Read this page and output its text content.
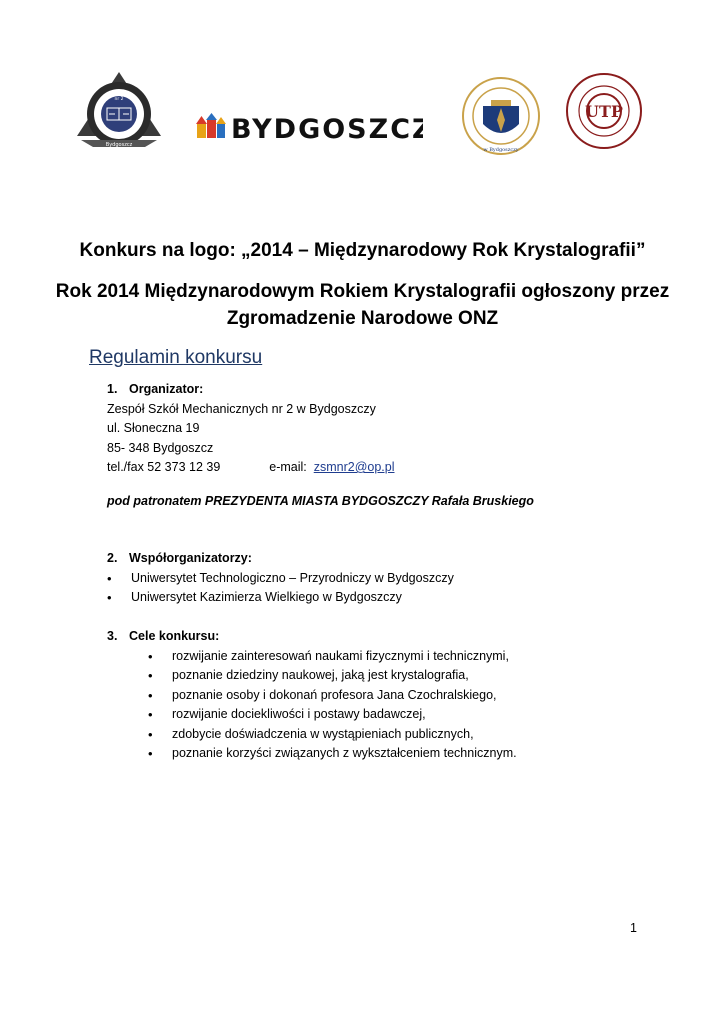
Bydgoszcz
nr 2
BYDGOSZCZ
w Bydgoszczy
UTP
Konkurs na logo: „2014 – Międzynarodowy Rok Krystalografii”
Rok 2014 Międzynarodowym Rokiem Krystalografii ogłoszony przez
Zgromadzenie Narodowe ONZ
Regulamin konkursu
1. Organizator:
Zespół Szkół Mechanicznych nr 2 w Bydgoszczy
ul. Słoneczna 19
85- 348 Bydgoszcz
tel./fax 52 373 12 39	e-mail: zsmnr2@op.pl
pod patronatem PREZYDENTA MIASTA BYDGOSZCZY Rafała Bruskiego
2. Współorganizatorzy:
• Uniwersytet Technologiczno – Przyrodniczy w Bydgoszczy
• Uniwersytet Kazimierza Wielkiego w Bydgoszczy
3. Cele konkursu:
• rozwijanie zainteresowań naukami fizycznymi i technicznymi,
• poznanie dziedziny naukowej, jaką jest krystalografia,
• poznanie osoby i dokonań profesora Jana Czochralskiego,
• rozwijanie dociekliwości i postawy badawczej,
• zdobycie doświadczenia w wystąpieniach publicznych,
• poznanie korzyści związanych z wykształceniem technicznym.
1
